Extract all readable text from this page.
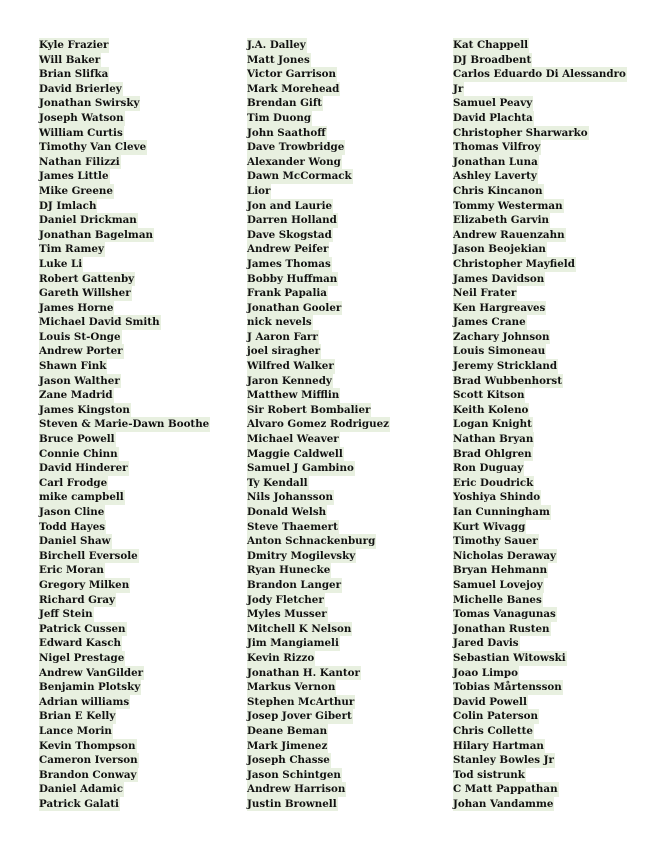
Kyle Frazier
Will Baker
Brian Slifka
David Brierley
Jonathan Swirsky
Joseph Watson
William Curtis
Timothy Van Cleve
Nathan Filizzi
James Little
Mike Greene
DJ Imlach
Daniel Drickman
Jonathan Bagelman
Tim Ramey
Luke Li
Robert Gattenby
Gareth Willsher
James Horne
Michael David Smith
Louis St-Onge
Andrew Porter
Shawn Fink
Jason Walther
Zane Madrid
James Kingston
Steven & Marie-Dawn Boothe
Bruce Powell
Connie Chinn
David Hinderer
Carl Frodge
mike campbell
Jason Cline
Todd Hayes
Daniel Shaw
Birchell Eversole
Eric Moran
Gregory Milken
Richard Gray
Jeff Stein
Patrick Cussen
Edward Kasch
Nigel Prestage
Andrew VanGilder
Benjamin Plotsky
Adrian williams
Brian E Kelly
Lance Morin
Kevin Thompson
Cameron Iverson
Brandon Conway
Daniel Adamic
Patrick Galati
J.A. Dalley
Matt Jones
Victor Garrison
Mark Morehead
Brendan Gift
Tim Duong
John Saathoff
Dave Trowbridge
Alexander Wong
Dawn McCormack
Lior
Jon and Laurie
Darren Holland
Dave Skogstad
Andrew Peifer
James Thomas
Bobby Huffman
Frank Papalia
Jonathan Gooler
nick nevels
J Aaron Farr
joel siragher
Wilfred Walker
Jaron Kennedy
Matthew Mifflin
Sir Robert Bombalier
Alvaro Gomez Rodriguez
Michael Weaver
Maggie Caldwell
Samuel J Gambino
Ty Kendall
Nils Johansson
Donald Welsh
Steve Thaemert
Anton Schnackenburg
Dmitry Mogilevsky
Ryan Hunecke
Brandon Langer
Jody Fletcher
Myles Musser
Mitchell K Nelson
Jim Mangiameli
Kevin Rizzo
Jonathan H. Kantor
Markus Vernon
Stephen McArthur
Josep Jover Gibert
Deane Beman
Mark Jimenez
Joseph Chasse
Jason Schintgen
Andrew Harrison
Justin Brownell
Kat Chappell
DJ Broadbent
Carlos Eduardo Di Alessandro
Jr
Samuel Peavy
David Plachta
Christopher Sharwarko
Thomas Vilfroy
Jonathan Luna
Ashley Laverty
Chris Kincanon
Tommy Westerman
Elizabeth Garvin
Andrew Rauenzahn
Jason Beojekian
Christopher Mayfield
James Davidson
Neil Frater
Ken Hargreaves
James Crane
Zachary Johnson
Louis Simoneau
Jeremy Strickland
Brad Wubbenhorst
Scott Kitson
Keith Koleno
Logan Knight
Nathan Bryan
Brad Ohlgren
Ron Duguay
Eric Doudrick
Yoshiya Shindo
Ian Cunningham
Kurt Wivagg
Timothy Sauer
Nicholas Deraway
Bryan Hehmann
Samuel Lovejoy
Michelle Banes
Tomas Vanagunas
Jonathan Rusten
Jared Davis
Sebastian Witowski
Joao Limpo
Tobias Mårtensson
David Powell
Colin Paterson
Chris Collette
Hilary Hartman
Stanley Bowles Jr
Tod sistrunk
C Matt Pappathan
Johan Vandamme
